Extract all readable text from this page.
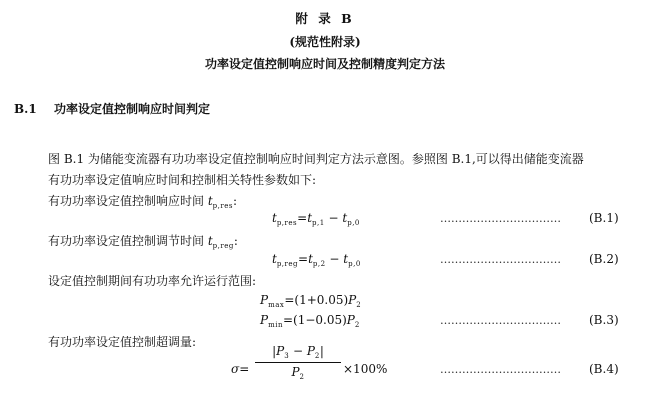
附 录 B
(规范性附录)
功率设定值控制响应时间及控制精度判定方法
B.1 功率设定值控制响应时间判定
图 B.1 为储能变流器有功功率设定值控制响应时间判定方法示意图。参照图 B.1,可以得出储能变流器
有功功率设定值响应时间和控制相关特性参数如下:
有功功率设定值控制响应时间 $t_{p,res}$:
$t_{p,res}=t_{p,1} - t_{p,0}$	…………………………… (B.1)
有功功率设定值控制调节时间 $t_{p,reg}$:
$t_{p,reg}=t_{p,2} - t_{p,0}$	…………………………… (B.2)
设定值控制期间有功功率允许运行范围:
$P_{max}=(1+0.05)P_2$
$P_{min}=(1-0.05)P_2$	…………………………… (B.3)
有功功率设定值控制超调量:
σ=
$|P_3 - P_2|$
$P_2$
×100%	…………………………… (B.4)
